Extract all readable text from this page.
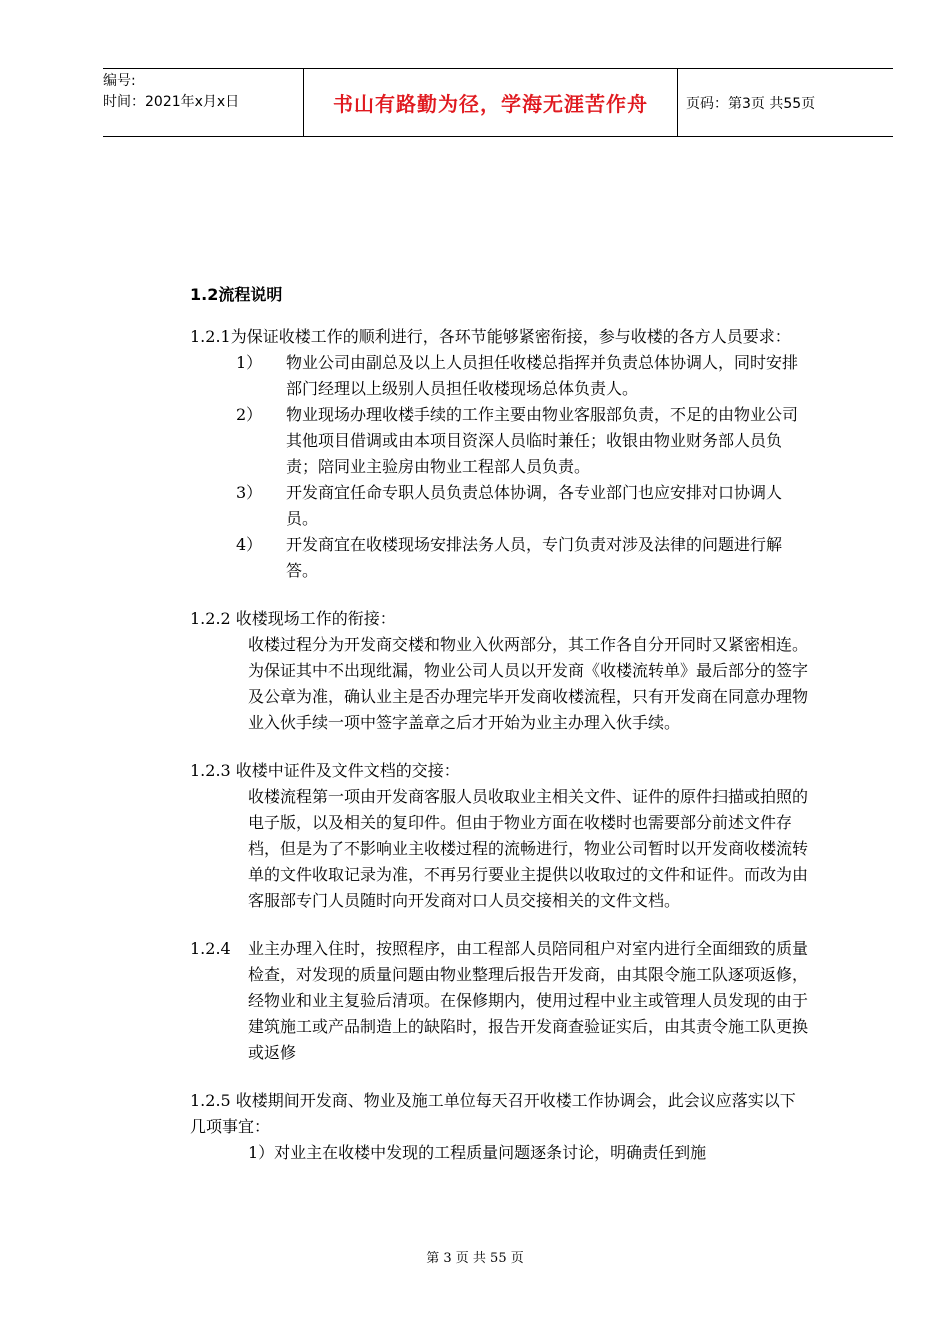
编号:
时间：2021年x月x日	书山有路勤为径，学海无涯苦作舟	页码：第3页 共55页
1.2流程说明

1.2.1为保证收楼工作的顺利进行，各环节能够紧密衔接，参与收楼的各方人员要求：

1）	物业公司由副总及以上人员担任收楼总指挥并负责总体协调人，同时安排部门经理以上级别人员担任收楼现场总体负责人。
2）	物业现场办理收楼手续的工作主要由物业客服部负责，不足的由物业公司其他项目借调或由本项目资深人员临时兼任；收银由物业财务部人员负责；陪同业主验房由物业工程部人员负责。
3）	开发商宜任命专职人员负责总体协调，各专业部门也应安排对口协调人员。
4）	开发商宜在收楼现场安排法务人员，专门负责对涉及法律的问题进行解答。

1.2.2 收楼现场工作的衔接：

收楼过程分为开发商交楼和物业入伙两部分，其工作各自分开同时又紧密相连。为保证其中不出现纰漏，物业公司人员以开发商《收楼流转单》最后部分的签字及公章为准，确认业主是否办理完毕开发商收楼流程，只有开发商在同意办理物业入伙手续一项中签字盖章之后才开始为业主办理入伙手续。

1.2.3 收楼中证件及文件文档的交接：

收楼流程第一项由开发商客服人员收取业主相关文件、证件的原件扫描或拍照的电子版，以及相关的复印件。但由于物业方面在收楼时也需要部分前述文件存档，但是为了不影响业主收楼过程的流畅进行，物业公司暂时以开发商收楼流转单的文件收取记录为准，不再另行要业主提供以收取过的文件和证件。而改为由客服部专门人员随时向开发商对口人员交接相关的文件文档。
1.2.4	业主办理入住时，按照程序，由工程部人员陪同租户对室内进行全面细致的质量检查，对发现的质量问题由物业整理后报告开发商，由其限令施工队逐项返修，经物业和业主复验后清项。在保修期内，使用过程中业主或管理人员发现的由于建筑施工或产品制造上的缺陷时，报告开发商查验证实后，由其责令施工队更换或返修

1.2.5 收楼期间开发商、物业及施工单位每天召开收楼工作协调会，此会议应落实以下几项事宜：

1）对业主在收楼中发现的工程质量问题逐条讨论，明确责任到施
第 3 页 共 55 页
